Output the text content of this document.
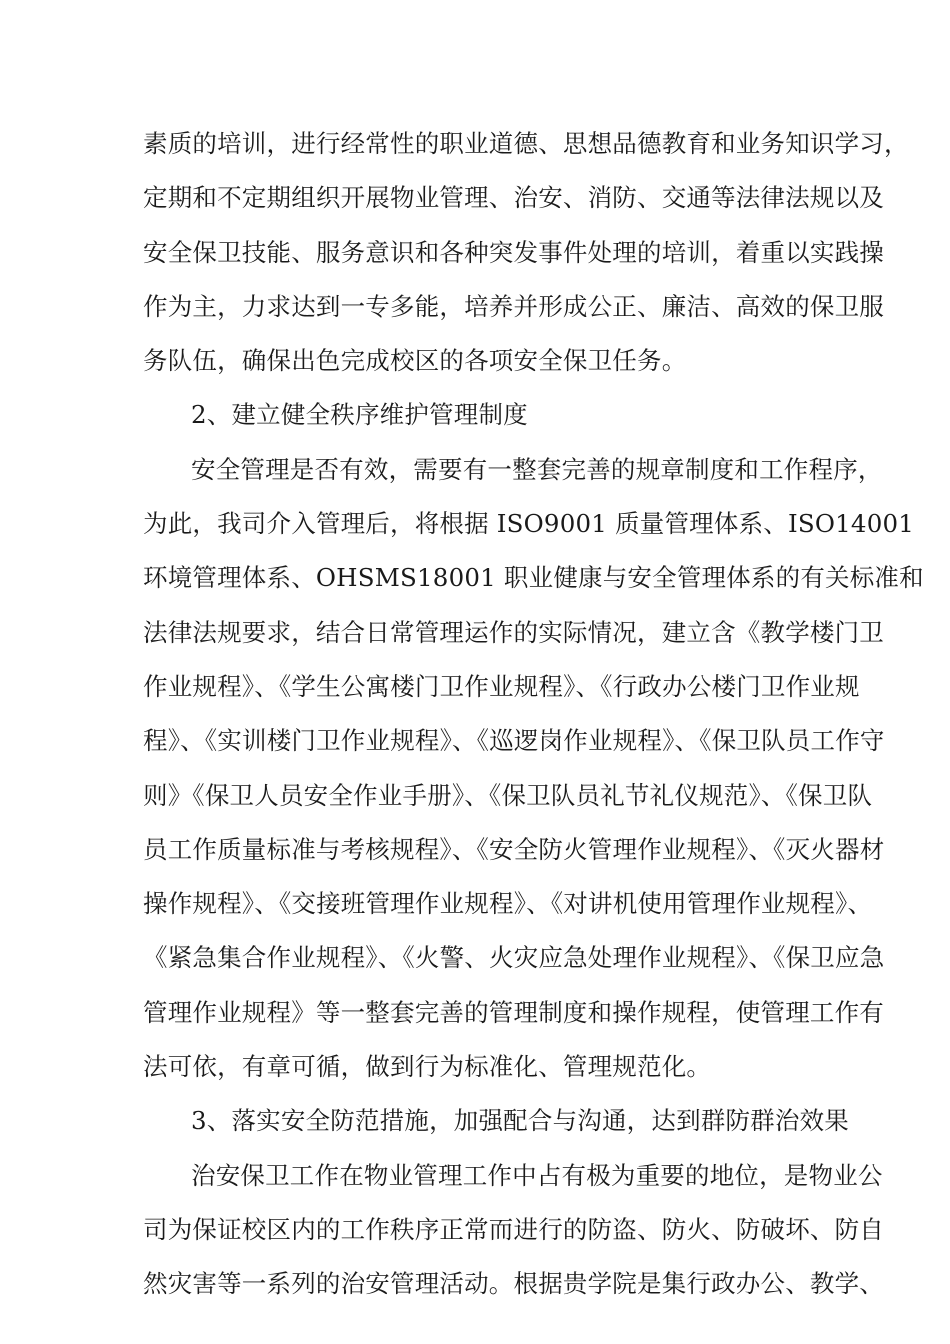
素质的培训，进行经常性的职业道德、思想品德教育和业务知识学习，
定期和不定期组织开展物业管理、治安、消防、交通等法律法规以及
安全保卫技能、服务意识和各种突发事件处理的培训，着重以实践操
作为主，力求达到一专多能，培养并形成公正、廉洁、高效的保卫服
务队伍，确保出色完成校区的各项安全保卫任务。
2、建立健全秩序维护管理制度
安全管理是否有效，需要有一整套完善的规章制度和工作程序，
为此，我司介入管理后，将根据 ISO9001 质量管理体系、ISO14001
环境管理体系、OHSMS18001 职业健康与安全管理体系的有关标准和
法律法规要求，结合日常管理运作的实际情况，建立含《教学楼门卫
作业规程》、《学生公寓楼门卫作业规程》、《行政办公楼门卫作业规
程》、《实训楼门卫作业规程》、《巡逻岗作业规程》、《保卫队员工作守
则》《保卫人员安全作业手册》、《保卫队员礼节礼仪规范》、《保卫队
员工作质量标准与考核规程》、《安全防火管理作业规程》、《灭火器材
操作规程》、《交接班管理作业规程》、《对讲机使用管理作业规程》、
《紧急集合作业规程》、《火警、火灾应急处理作业规程》、《保卫应急
管理作业规程》等一整套完善的管理制度和操作规程，使管理工作有
法可依，有章可循，做到行为标准化、管理规范化。
3、落实安全防范措施，加强配合与沟通，达到群防群治效果
治安保卫工作在物业管理工作中占有极为重要的地位，是物业公
司为保证校区内的工作秩序正常而进行的防盗、防火、防破坏、防自
然灾害等一系列的治安管理活动。根据贵学院是集行政办公、教学、
